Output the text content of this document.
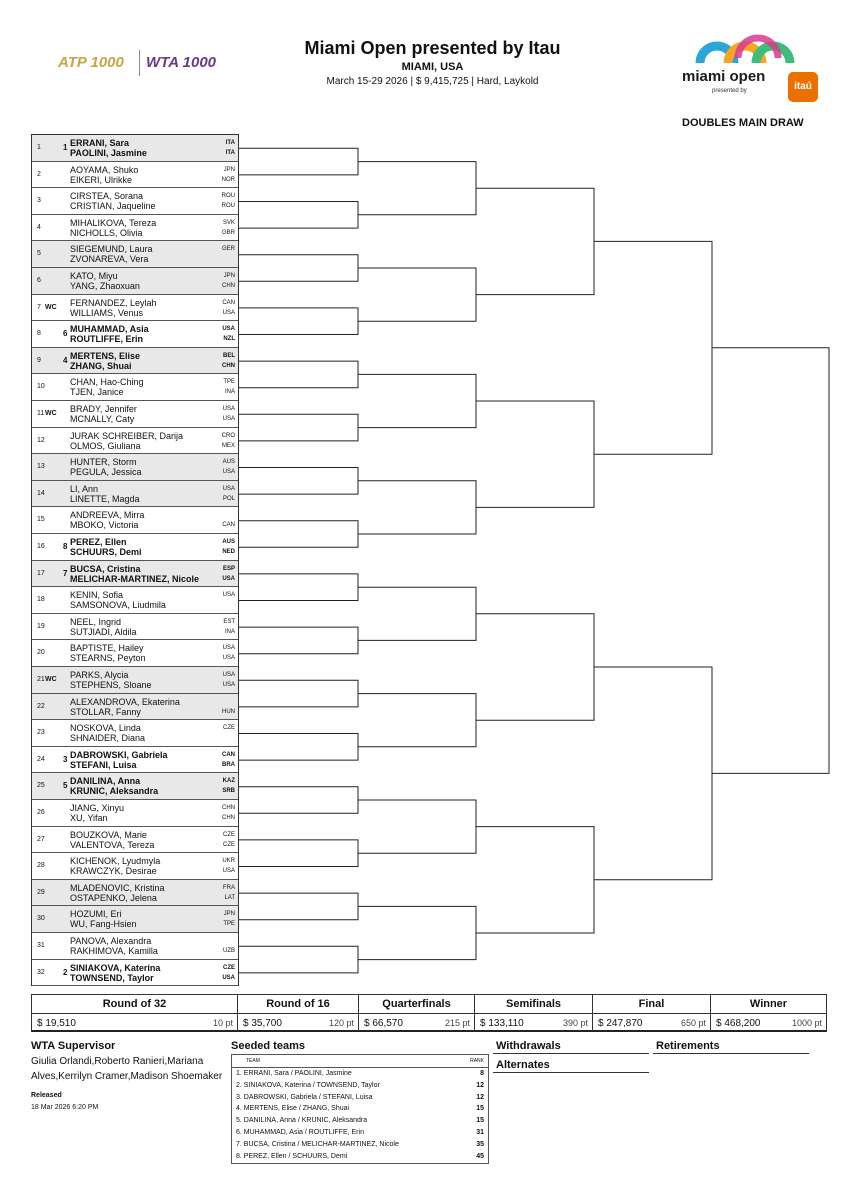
ATP 1000 WTA 1000
Miami Open presented by Itau
MIAMI, USA
March 15-29 2026 | $ 9,415,725 | Hard, Laykold	miami open
presented by	itaú
DOUBLES MAIN DRAW
1	1 ERRANI, Sara
PAOLINI, Jasmine
ITA
ITA
2	AOYAMA, Shuko
EIKERI, Ulrikke
JPN
NOR
3	CIRSTEA, Sorana
CRISTIAN, Jaqueline
ROU
ROU
4	MIHALIKOVA, Tereza
NICHOLLS, Olivia
SVK
GBR
5	SIEGEMUND, Laura
ZVONAREVA, Vera
GER
6	KATO, Miyu
YANG, Zhaoxuan
JPN
CHN
7 WC FERNANDEZ, Leylah
WILLIAMS, Venus
CAN
USA
8	6 MUHAMMAD, Asia
ROUTLIFFE, Erin
USA
NZL
9	4 MERTENS, Elise
ZHANG, Shuai
BEL
CHN
10	CHAN, Hao-Ching
TJEN, Janice
TPE
INA
11 WC BRADY, Jennifer
MCNALLY, Caty
USA
USA
12	JURAK SCHREIBER, Darija
OLMOS, Giuliana
CRO
MEX
13	HUNTER, Storm
PEGULA, Jessica
AUS
USA
14	LI, Ann
LINETTE, Magda
USA
POL
15	ANDREEVA, Mirra
MBOKO, Victoria	CAN
16 8 PEREZ, Ellen
SCHUURS, Demi
AUS
NED
17 7 BUCSA, Cristina
MELICHAR-MARTINEZ, Nicole
ESP
USA
18	KENIN, Sofia
SAMSONOVA, Liudmila
USA
19	NEEL, Ingrid
SUTJIADI, Aldila
EST
INA
20	BAPTISTE, Hailey
STEARNS, Peyton
USA
USA
21 WC PARKS, Alycia
STEPHENS, Sloane
USA
USA
22	ALEXANDROVA, Ekaterina
STOLLAR, Fanny	HUN
23	NOSKOVA, Linda
SHNAIDER, Diana
CZE
24 3 DABROWSKI, Gabriela
STEFANI, Luisa
CAN
BRA
25 5 DANILINA, Anna
KRUNIC, Aleksandra
KAZ
SRB
26	JIANG, Xinyu
XU, Yifan
CHN
CHN
27	BOUZKOVA, Marie
VALENTOVA, Tereza
CZE
CZE
28	KICHENOK, Lyudmyla
KRAWCZYK, Desirae
UKR
USA
29	MLADENOVIC, Kristina
OSTAPENKO, Jelena
FRA
LAT
30	HOZUMI, Eri
WU, Fang-Hsien
JPN
TPE
31	PANOVA, Alexandra
RAKHIMOVA, Kamilla	UZB
32 2 SINIAKOVA, Katerina
TOWNSEND, Taylor
CZE
USA
Round of 32
$ 19,510	10 pt
Round of 16
$ 35,700	120 pt
Quarterfinals
$ 66,570	215 pt
Semifinals
$ 133,110	390 pt
Final
$ 247,870	650 pt
Winner
$ 468,200	1000 pt
WTA Supervisor
Giulia Orlandi,Roberto Ranieri,Mariana Alves,Kerrilyn Cramer,Madison Shoemaker
Released
18 Mar 2026 6:20 PM
Seeded teams
TEAM	RANK
1. ERRANI, Sara / PAOLINI, Jasmine	8
2. SINIAKOVA, Katerina / TOWNSEND, Taylor	12
3. DABROWSKI, Gabriela / STEFANI, Luisa	12
4. MERTENS, Elise / ZHANG, Shuai	15
5. DANILINA, Anna / KRUNIC, Aleksandra	15
6. MUHAMMAD, Asia / ROUTLIFFE, Erin	31
7. BUCSA, Cristina / MELICHAR-MARTINEZ, Nicole	35
8. PEREZ, Ellen / SCHUURS, Demi	45
Withdrawals
Alternates
Retirements
